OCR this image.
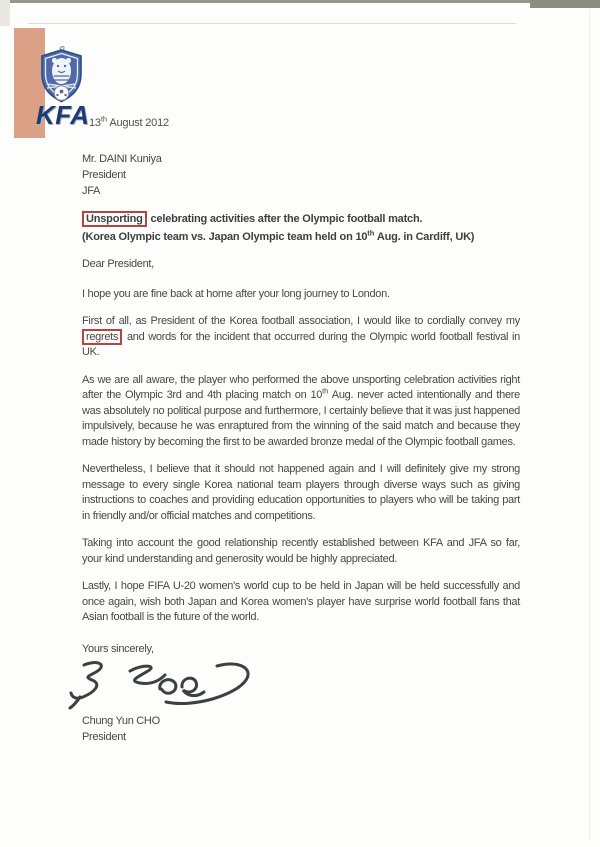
KFA 13th August 2012
Mr. DAINI Kuniya
President
JFA
Unsporting celebrating activities after the Olympic football match.
(Korea Olympic team vs. Japan Olympic team held on 10th Aug. in Cardiff, UK)
Dear President,
I hope you are fine back at home after your long journey to London.
First of all, as President of the Korea football association, I would like to cordially convey my regrets and words for the incident that occurred during the Olympic world football festival in UK.
As we are all aware, the player who performed the above unsporting celebration activities right after the Olympic 3rd and 4th placing match on 10th Aug. never acted intentionally and there was absolutely no political purpose and furthermore, I certainly believe that it was just happened impulsively, because he was enraptured from the winning of the said match and because they made history by becoming the first to be awarded bronze medal of the Olympic football games.
Nevertheless, I believe that it should not happened again and I will definitely give my strong message to every single Korea national team players through diverse ways such as giving instructions to coaches and providing education opportunities to players who will be taking part in friendly and/or official matches and competitions.
Taking into account the good relationship recently established between KFA and JFA so far, your kind understanding and generosity would be highly appreciated.
Lastly, I hope FIFA U-20 women's world cup to be held in Japan will be held successfully and once again, wish both Japan and Korea women's player have surprise world football fans that Asian football is the future of the world.
Yours sincerely,
Chung Yun CHO
President
